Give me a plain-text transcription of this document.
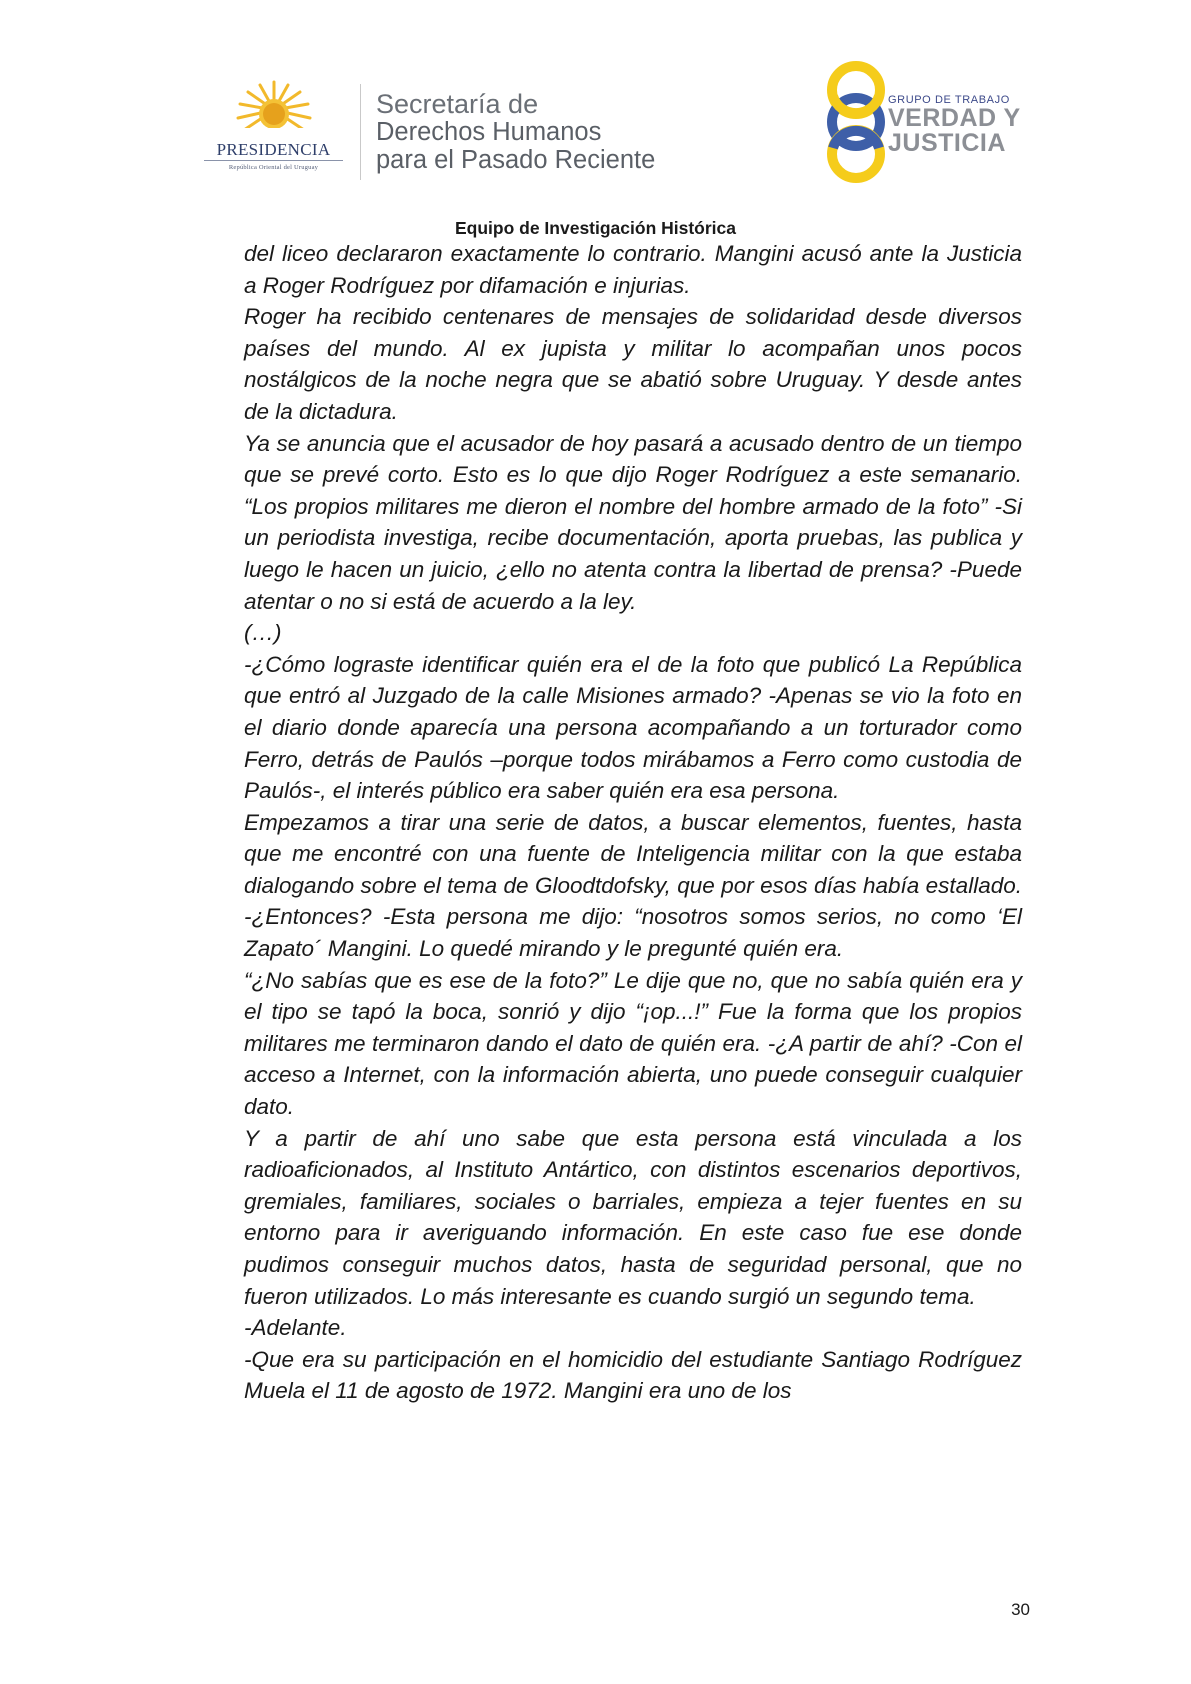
PRESIDENCIA
República Oriental del Uruguay
Secretaría de
Derechos Humanos
para el Pasado Reciente
GRUPO DE TRABAJO
VERDAD Y
JUSTICIA
Equipo de Investigación Histórica

del liceo declararon exactamente lo contrario. Mangini acusó ante la Justicia a Roger Rodríguez por difamación e injurias.

Roger ha recibido centenares de mensajes de solidaridad desde diversos países del mundo. Al ex jupista y militar lo acompañan unos pocos nostálgicos de la noche negra que se abatió sobre Uruguay. Y desde antes de la dictadura.

Ya se anuncia que el acusador de hoy pasará a acusado dentro de un tiempo que se prevé corto. Esto es lo que dijo Roger Rodríguez a este semanario. “Los propios militares me dieron el nombre del hombre armado de la foto” -Si un periodista investiga, recibe documentación, aporta pruebas, las publica y luego le hacen un juicio, ¿ello no atenta contra la libertad de prensa? -Puede atentar o no si está de acuerdo a la ley.

(…)

-¿Cómo lograste identificar quién era el de la foto que publicó La República que entró al Juzgado de la calle Misiones armado? -Apenas se vio la foto en el diario donde aparecía una persona acompañando a un torturador como Ferro, detrás de Paulós –porque todos mirábamos a Ferro como custodia de Paulós-, el interés público era saber quién era esa persona.

Empezamos a tirar una serie de datos, a buscar elementos, fuentes, hasta que me encontré con una fuente de Inteligencia militar con la que estaba dialogando sobre el tema de Gloodtdofsky, que por esos días había estallado. -¿Entonces? -Esta persona me dijo: “nosotros somos serios, no como ‘El Zapato´ Mangini. Lo quedé mirando y le pregunté quién era.

“¿No sabías que es ese de la foto?” Le dije que no, que no sabía quién era y el tipo se tapó la boca, sonrió y dijo “¡op...!” Fue la forma que los propios militares me terminaron dando el dato de quién era. -¿A partir de ahí? -Con el acceso a Internet, con la información abierta, uno puede conseguir cualquier dato.

Y a partir de ahí uno sabe que esta persona está vinculada a los radioaficionados, al Instituto Antártico, con distintos escenarios deportivos, gremiales, familiares, sociales o barriales, empieza a tejer fuentes en su entorno para ir averiguando información. En este caso fue ese donde pudimos conseguir muchos datos, hasta de seguridad personal, que no fueron utilizados. Lo más interesante es cuando surgió un segundo tema.

-Adelante.

-Que era su participación en el homicidio del estudiante Santiago Rodríguez Muela el 11 de agosto de 1972. Mangini era uno de los

30
